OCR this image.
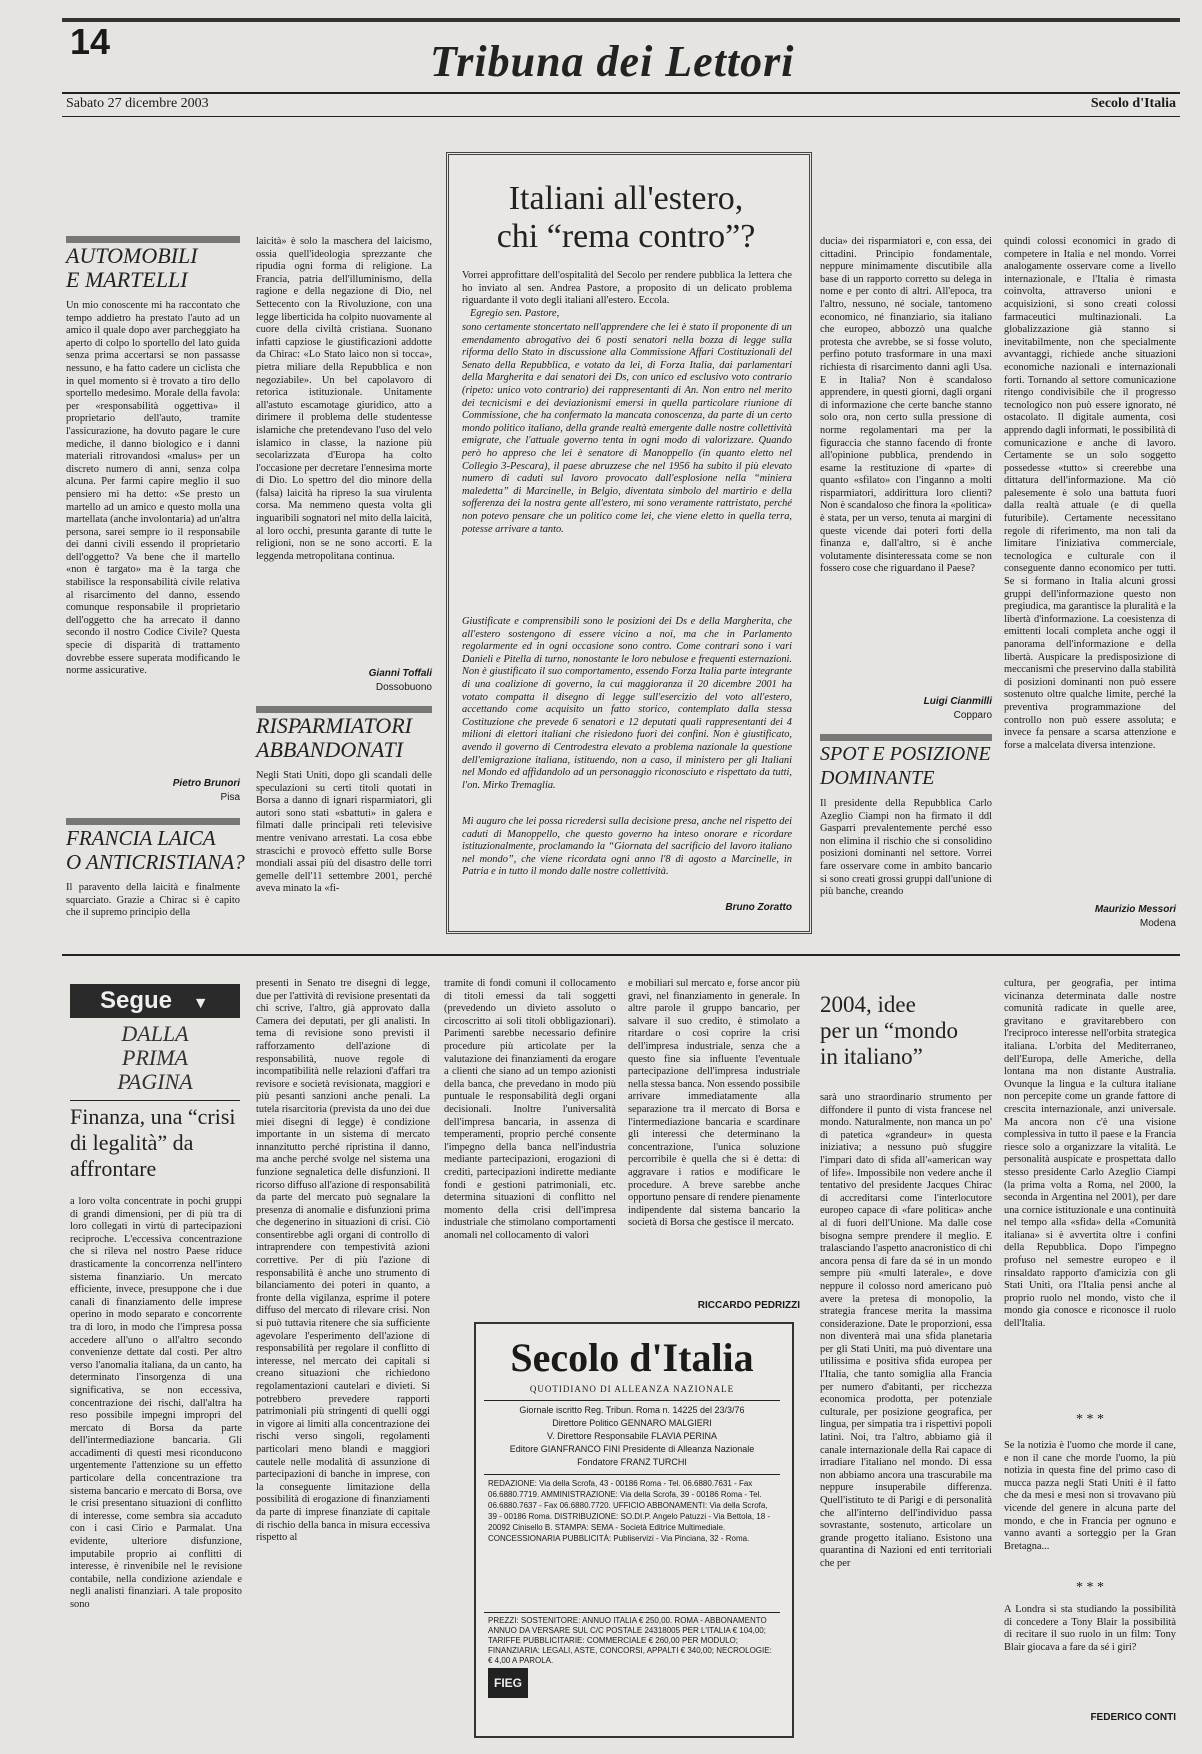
14	Tribuna dei Lettori
Sabato 27 dicembre 2003	Secolo d'Italia
AUTOMOBILI
E MARTELLI
Un mio conoscente mi ha raccontato che tempo addietro ha prestato l'auto ad un amico il quale dopo aver parcheggiato ha aperto di colpo lo sportello del lato guida senza prima accertarsi se non passasse nessuno, e ha fatto cadere un ciclista che in quel momento si è trovato a tiro dello sportello medesimo. Morale della favola: per «responsabilità oggettiva» il proprietario dell'auto, tramite l'assicurazione, ha dovuto pagare le cure mediche, il danno biologico e i danni materiali ritrovandosi «malus» per un discreto numero di anni, senza colpa alcuna. Per farmi capire meglio il suo pensiero mi ha detto: «Se presto un martello ad un amico e questo molla una martellata (anche involontaria) ad un'altra persona, sarei sempre io il responsabile dei danni civili essendo il proprietario dell'oggetto? Va bene che il martello «non è targato» ma è la targa che stabilisce la responsabilità civile relativa al risarcimento del danno, essendo comunque responsabile il proprietario dell'oggetto che ha arrecato il danno secondo il nostro Codice Civile? Questa specie di disparità di trattamento dovrebbe essere superata modificando le norme assicurative.
Pietro Brunori
Pisa
FRANCIA LAICA
O ANTICRISTIANA?
Il paravento della laicità e finalmente squarciato. Grazie a Chirac si è capito che il supremo principio della
laicità» è solo la maschera del laicismo, ossia quell'ideologia sprezzante che ripudia ogni forma di religione. La Francia, patria dell'illuminismo, della ragione e della negazione di Dio, nel Settecento con la Rivoluzione, con una legge liberticida ha colpito nuovamente al cuore della civiltà cristiana. Suonano infatti capziose le giustificazioni addotte da Chirac: «Lo Stato laico non si tocca», pietra miliare della Repubblica e non negoziabile». Un bel capolavoro di retorica istituzionale. Unitamente all'astuto escamotage giuridico, atto a dirimere il problema delle studentesse islamiche che pretendevano l'uso del velo islamico in classe, la nazione più secolarizzata d'Europa ha colto l'occasione per decretare l'ennesima morte di Dio. Lo spettro del dio minore della (falsa) laicità ha ripreso la sua virulenta corsa. Ma nemmeno questa volta gli inguaribili sognatori nel mito della laicità, al loro occhi, presunta garante di tutte le religioni, non se ne sono accorti. E la leggenda metropolitana continua.
Gianni Toffali
Dossobuono
RISPARMIATORI
ABBANDONATI
Negli Stati Uniti, dopo gli scandali delle speculazioni su certi titoli quotati in Borsa a danno di ignari risparmiatori, gli autori sono stati «sbattuti» in galera e filmati dalle principali reti televisive mentre venivano arrestati. La cosa ebbe strascichi e provocò effetto sulle Borse mondiali assai più del disastro delle torri gemelle dell'11 settembre 2001, perché aveva minato la «fi-
Italiani all'estero,
chi “rema contro”?
Vorrei approfittare dell'ospitalità del Secolo per rendere pubblica la lettera che ho inviato al sen. Andrea Pastore, a proposito di un delicato problema riguardante il voto degli italiani all'estero. Eccola.
Egregio sen. Pastore,
sono certamente stoncertato nell'apprendere che lei è stato il proponente di un emendamento abrogativo dei 6 posti senatori nella bozza di legge sulla riforma dello Stato in discussione alla Commissione Affari Costituzionali del Senato della Repubblica, e votato da lei, di Forza Italia, dai parlamentari della Margherita e dai senatori dei Ds, con unico ed esclusivo voto contrario (ripeto: unico voto contrario) dei rappresentanti di An. Non entro nel merito dei tecnicismi e dei deviazionismi emersi in quella particolare riunione di Commissione, che ha confermato la mancata conoscenza, da parte di un certo mondo politico italiano, della grande realtà emergente dalle nostre collettività emigrate, che l'attuale governo tenta in ogni modo di valorizzare. Quando però ho appreso che lei è senatore di Manoppello (in quanto eletto nel Collegio 3-Pescara), il paese abruzzese che nel 1956 ha subito il più elevato numero di caduti sul lavoro provocato dall'esplosione nella “miniera maledetta” di Marcinelle, in Belgio, diventata simbolo del martirio e della sofferenza dei la nostra gente all'estero, mi sono veramente rattristato, perché non potevo pensare che un politico come lei, che viene eletto in quella terra, potesse arrivare a tanto.
Giustificate e comprensibili sono le posizioni dei Ds e della Margherita, che all'estero sostengono di essere vicino a noi, ma che in Parlamento regolarmente ed in ogni occasione sono contro. Come contrari sono i vari Danieli e Pitella di turno, nonostante le loro nebulose e frequenti esternazioni. Non è giustificato il suo comportamento, essendo Forza Italia parte integrante di una coalizione di governo, la cui maggioranza il 20 dicembre 2001 ha votato compatta il disegno di legge sull'esercizio del voto all'estero, accettando come acquisito un fatto storico, contemplato dalla stessa Costituzione che prevede 6 senatori e 12 deputati quali rappresentanti dei 4 milioni di elettori italiani che risiedono fuori dei confini. Non è giustificato, avendo il governo di Centrodestra elevato a problema nazionale la questione dell'emigrazione italiana, istituendo, non a caso, il ministero per gli Italiani nel Mondo ed affidandolo ad un personaggio riconosciuto e rispettato da tutti, l'on. Mirko Tremaglia.
Mi auguro che lei possa ricredersi sulla decisione presa, anche nel rispetto dei caduti di Manoppello, che questo governo ha inteso onorare e ricordare istituzionalmente, proclamando la “Giornata del sacrificio del lavoro italiano nel mondo”, che viene ricordata ogni anno l'8 di agosto a Marcinelle, in Patria e in tutto il mondo dalle nostre collettività.
Bruno Zoratto
ducia» dei risparmiatori e, con essa, dei cittadini. Principio fondamentale, neppure minimamente discutibile alla base di un rapporto corretto su delega in nome e per conto di altri. All'epoca, tra l'altro, nessuno, né sociale, tantomeno economico, né finanziario, sia italiano che europeo, abbozzò una qualche protesta che avrebbe, se si fosse voluto, perfino potuto trasformare in una maxi richiesta di risarcimento danni agli Usa. E in Italia? Non è scandaloso apprendere, in questi giorni, dagli organi di informazione che certe banche stanno solo ora, non certo sulla pressione di norme regolamentari ma per la figuraccia che stanno facendo di fronte all'opinione pubblica, prendendo in esame la restituzione di «parte» di quanto «sfilato» con l'inganno a molti risparmiatori, addirittura loro clienti? Non è scandaloso che finora la «politica» è stata, per un verso, tenuta ai margini di queste vicende dai poteri forti della finanza e, dall'altro, si è anche volutamente disinteressata come se non fossero cose che riguardano il Paese?
Luigi Cianmilli
Copparo
SPOT E POSIZIONE
DOMINANTE
Il presidente della Repubblica Carlo Azeglio Ciampi non ha firmato il ddl Gasparri prevalentemente perché esso non elimina il rischio che si consolidino posizioni dominanti nel settore. Vorrei fare osservare come in ambito bancario si sono creati grossi gruppi dall'unione di più banche, creando
quindi colossi economici in grado di competere in Italia e nel mondo. Vorrei analogamente osservare come a livello internazionale, e l'Italia è rimasta coinvolta, attraverso unioni e acquisizioni, si sono creati colossi farmaceutici multinazionali. La globalizzazione già stanno si inevitabilmente, non che specialmente avvantaggi, richiede anche situazioni economiche nazionali e internazionali forti. Tornando al settore comunicazione ritengo condivisibile che il progresso tecnologico non può essere ignorato, né ostacolato. Il digitale aumenta, così apprendo dagli informati, le possibilità di comunicazione e anche di lavoro. Certamente se un solo soggetto possedesse «tutto» si creerebbe una dittatura dell'informazione. Ma ciò palesemente è solo una battuta fuori dalla realtà attuale (e di quella futuribile). Certamente necessitano regole di riferimento, ma non tali da limitare l'iniziativa commerciale, tecnologica e culturale con il conseguente danno economico per tutti. Se si formano in Italia alcuni grossi gruppi dell'informazione questo non pregiudica, ma garantisce la pluralità e la libertà d'informazione. La coesistenza di emittenti locali completa anche oggi il panorama dell'informazione e della libertà. Auspicare la predisposizione di meccanismi che preservino dalla stabilità di posizioni dominanti non può essere sostenuto oltre qualche limite, perché la preventiva programmazione del controllo non può essere assoluta; e invece fa pensare a scarsa attenzione e forse a malcelata diversa intenzione.
Maurizio Messori
Modena
Segue ▼
DALLA
PRIMA
PAGINA
Finanza, una “crisi di legalità” da affrontare
a loro volta concentrate in pochi gruppi di grandi dimensioni, per di più tra di loro collegati in virtù di partecipazioni reciproche. L'eccessiva concentrazione che si rileva nel nostro Paese riduce drasticamente la concorrenza nell'intero sistema finanziario. Un mercato efficiente, invece, presuppone che i due canali di finanziamento delle imprese operino in modo separato e concorrente tra di loro, in modo che l'impresa possa accedere all'uno o all'altro secondo convenienze dettate dal costi. Per altro verso l'anomalia italiana, da un canto, ha determinato l'insorgenza di una significativa, se non eccessiva, concentrazione dei rischi, dall'altra ha reso possibile impegni impropri del mercato di Borsa da parte dell'intermediazione bancaria. Gli accadimenti di questi mesi riconducono urgentemente l'attenzione su un effetto particolare della concentrazione tra sistema bancario e mercato di Borsa, ove le crisi presentano situazioni di conflitto di interesse, come sembra sia accaduto con i casi Cirio e Parmalat. Una evidente, ulteriore disfunzione, imputabile proprio ai conflitti di interesse, è rinvenibile nel le revisione contabile, nella condizione aziendale e negli analisti finanziari. A tale proposito sono
presenti in Senato tre disegni di legge, due per l'attività di revisione presentati da chi scrive, l'altro, già approvato dalla Camera dei deputati, per gli analisti. In tema di revisione sono previsti il rafforzamento dell'azione di responsabilità, nuove regole di incompatibilità nelle relazioni d'affari tra revisore e società revisionata, maggiori e più pesanti sanzioni anche penali. La tutela risarcitoria (prevista da uno dei due miei disegni di legge) è condizione importante in un sistema di mercato innanzitutto perché ripristina il danno, ma anche perché svolge nel sistema una funzione segnaletica delle disfunzioni. Il ricorso diffuso all'azione di responsabilità da parte del mercato può segnalare la presenza di anomalie e disfunzioni prima che degenerino in situazioni di crisi. Ciò consentirebbe agli organi di controllo di intraprendere con tempestività azioni correttive. Per di più l'azione di responsabilità è anche uno strumento di bilanciamento dei poteri in quanto, a fronte della vigilanza, esprime il potere diffuso del mercato di rilevare crisi. Non si può tuttavia ritenere che sia sufficiente agevolare l'esperimento dell'azione di responsabilità per regolare il conflitto di interesse, nel mercato dei capitali si creano situazioni che richiedono regolamentazioni cautelari e divieti. Si potrebbero prevedere rapporti patrimoniali più stringenti di quelli oggi in vigore ai limiti alla concentrazione dei rischi verso singoli, regolamenti particolari meno blandi e maggiori cautele nelle modalità di assunzione di partecipazioni di banche in imprese, con la conseguente limitazione della possibilità di erogazione di finanziamenti da parte di imprese finanziate di capitale di rischio della banca in misura eccessiva rispetto al
tramite di fondi comuni il collocamento di titoli emessi da tali soggetti (prevedendo un divieto assoluto o circoscritto ai soli titoli obbligazionari). Parimenti sarebbe necessario definire procedure più articolate per la valutazione dei finanziamenti da erogare a clienti che siano ad un tempo azionisti della banca, che prevedano in modo più puntuale le responsabilità degli organi decisionali. Inoltre l'universalità dell'impresa bancaria, in assenza di temperamenti, proprio perché consente l'impegno della banca nell'industria mediante partecipazioni, erogazioni di crediti, partecipazioni indirette mediante fondi e gestioni patrimoniali, etc. determina situazioni di conflitto nel momento della crisi dell'impresa industriale che stimolano comportamenti anomali nel collocamento di valori
e mobiliari sul mercato e, forse ancor più gravi, nel finanziamento in generale. In altre parole il gruppo bancario, per salvare il suo credito, è stimolato a ritardare o così coprire la crisi dell'impresa industriale, senza che a questo fine sia influente l'eventuale partecipazione dell'impresa industriale nella stessa banca. Non essendo possibile arrivare immediatamente alla separazione tra il mercato di Borsa e l'intermediazione bancaria e scardinare gli interessi che determinano la concentrazione, l'unica soluzione percorribile è quella che si è detta: di aggravare i ratios e modificare le procedure. A breve sarebbe anche opportuno pensare di rendere pienamente indipendente dal sistema bancario la società di Borsa che gestisce il mercato.
RICCARDO PEDRIZZI
Secolo d'Italia
QUOTIDIANO DI ALLEANZA NAZIONALE
Giornale iscritto Reg. Tribun. Roma n. 14225 del 23/3/76
Direttore Politico GENNARO MALGIERI
V. Direttore Responsabile FLAVIA PERINA
Editore GIANFRANCO FINI Presidente di Alleanza Nazionale
Fondatore FRANZ TURCHI
REDAZIONE: Via della Scrofa, 43 - 00186 Roma - Tel. 06.6880.7631 - Fax 06.6880.7719. AMMINISTRAZIONE: Via della Scrofa, 39 - 00186 Roma - Tel. 06.6880.7637 - Fax 06.6880.7720. UFFICIO ABBONAMENTI: Via della Scrofa, 39 - 00186 Roma. DISTRIBUZIONE: SO.DI.P. Angelo Patuzzi - Via Bettola, 18 - 20092 Cinisello B. STAMPA: SEMA - Società Editrice Multimediale. CONCESSIONARIA PUBBLICITÀ: Publiservizi - Via Pinciana, 32 - Roma.
PREZZI: SOSTENITORE: ANNUO ITALIA € 250,00. ROMA - ABBONAMENTO ANNUO DA VERSARE SUL C/C POSTALE 24318005 PER L'ITALIA € 104,00; TARIFFE PUBBLICITARIE: COMMERCIALE € 260,00 PER MODULO; FINANZIARIA: LEGALI, ASTE, CONCORSI, APPALTI € 340,00; NECROLOGIE: € 4,00 A PAROLA.
FIEG
2004, idee
per un “mondo
in italiano”
sarà uno straordinario strumento per diffondere il punto di vista francese nel mondo. Naturalmente, non manca un po' di patetica «grandeur» in questa iniziativa; a nessuno può sfuggire l'impari dato di sfida all'«american way of life». Impossibile non vedere anche il tentativo del presidente Jacques Chirac di accreditarsi come l'interlocutore europeo capace di «fare politica» anche al di fuori dell'Unione. Ma dalle cose bisogna sempre prendere il meglio. E tralasciando l'aspetto anacronistico di chi ancora pensa di fare da sé in un mondo sempre più «multi laterale», e dove neppure il colosso nord americano può avere la pretesa di monopolio, la strategia francese merita la massima considerazione. Date le proporzioni, essa non diventerà mai una sfida planetaria per gli Stati Uniti, ma può diventare una utilissima e positiva sfida europea per l'Italia, che tanto somiglia alla Francia per numero d'abitanti, per ricchezza economica prodotta, per potenziale culturale, per posizione geografica, per lingua, per simpatia tra i rispettivi popoli latini. Noi, tra l'altro, abbiamo già il canale internazionale della Rai capace di irradiare l'italiano nel mondo. Di essa non abbiamo ancora una trascurabile ma neppure insuperabile differenza. Quell'istituto te di Parigi e di personalità che all'interno dell'individuo passa sovrastante, sostenuto, articolare un grande progetto italiano. Esistono una quarantina di Nazioni ed enti territoriali che per
cultura, per geografia, per intima vicinanza determinata dalle nostre comunità radicate in quelle aree, gravitano e gravitarebbero con l'reciproco interesse nell'orbita strategica italiana. L'orbita del Mediterraneo, dell'Europa, delle Americhe, della lontana ma non distante Australia. Ovunque la lingua e la cultura italiane non percepite come un grande fattore di crescita internazionale, anzi universale. Ma ancora non c'è una visione complessiva in tutto il paese e la Francia riesce solo a organizzare la vitalità. Le personalità auspicate e prospettata dallo stesso presidente Carlo Azeglio Ciampi (la prima volta a Roma, nel 2000, la seconda in Argentina nel 2001), per dare una cornice istituzionale e una continuità nel tempo alla «sfida» della «Comunità italiana» si è avvertita oltre i confini della Repubblica. Dopo l'impegno profuso nel semestre europeo e il rinsaldato rapporto d'amicizia con gli Stati Uniti, ora l'Italia pensi anche al proprio ruolo nel mondo, visto che il mondo gia conosce e riconosce il ruolo dell'Italia.
* * *
Se la notizia è l'uomo che morde il cane, e non il cane che morde l'uomo, la più notizia in questa fine del primo caso di mucca pazza negli Stati Uniti è il fatto che da mesi e mesi non si trovavano più vicende del genere in alcuna parte del mondo, e che in Francia per ognuno e vanno avanti a sorteggio per la Gran Bretagna...
* * *
A Londra si sta studiando la possibilità di concedere a Tony Blair la possibilità di recitare il suo ruolo in un film: Tony Blair giocava a fare da sé i giri?
FEDERICO CONTI
